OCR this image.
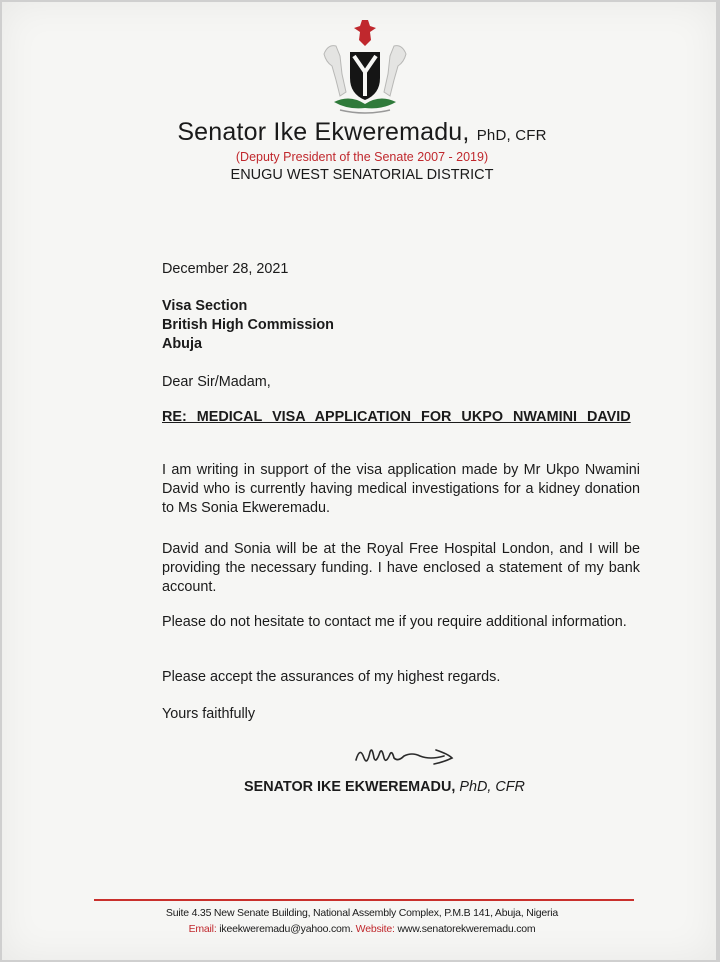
Senator Ike Ekweremadu, PhD, CFR
(Deputy President of the Senate 2007 - 2019)
ENUGU WEST SENATORIAL DISTRICT
December 28, 2021
Visa Section
British High Commission
Abuja
Dear Sir/Madam,
RE: MEDICAL VISA APPLICATION FOR UKPO NWAMINI DAVID
I am writing in support of the visa application made by Mr Ukpo Nwamini David who is currently having medical investigations for a kidney donation to Ms Sonia Ekweremadu.
David and Sonia will be at the Royal Free Hospital London, and I will be providing the necessary funding. I have enclosed a statement of my bank account.
Please do not hesitate to contact me if you require additional information.
Please accept the assurances of my highest regards.
Yours faithfully
SENATOR IKE EKWEREMADU, PhD, CFR
Suite 4.35 New Senate Building, National Assembly Complex, P.M.B 141, Abuja, Nigeria
Email: ikeekweremadu@yahoo.com. Website: www.senatorekweremadu.com
